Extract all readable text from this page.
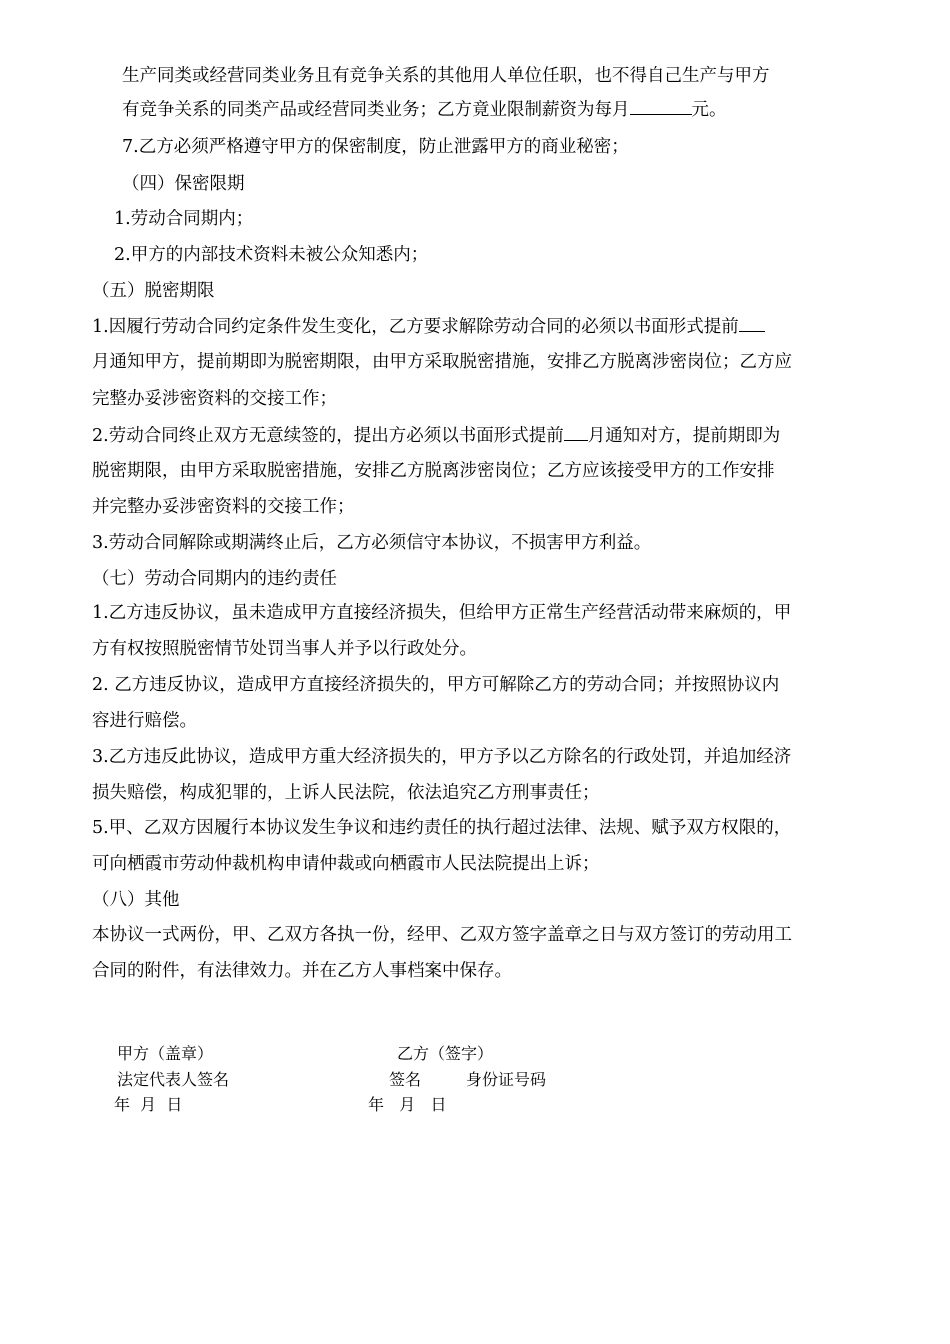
生产同类或经营同类业务且有竞争关系的其他用人单位任职，也不得自己生产与甲方
有竞争关系的同类产品或经营同类业务；乙方竟业限制薪资为每月	元。
7.乙方必须严格遵守甲方的保密制度，防止泄露甲方的商业秘密；
（四）保密限期
1.劳动合同期内；
2.甲方的内部技术资料未被公众知悉内；
（五）脱密期限
1.因履行劳动合同约定条件发生变化，乙方要求解除劳动合同的必须以书面形式提前
月通知甲方，提前期即为脱密期限，由甲方采取脱密措施，安排乙方脱离涉密岗位；乙方应
完整办妥涉密资料的交接工作；
2.劳动合同终止双方无意续签的，提出方必须以书面形式提前 月通知对方，提前期即为
脱密期限，由甲方采取脱密措施，安排乙方脱离涉密岗位；乙方应该接受甲方的工作安排
并完整办妥涉密资料的交接工作；
3.劳动合同解除或期满终止后，乙方必须信守本协议，不损害甲方利益。
（七）劳动合同期内的违约责任
1.乙方违反协议，虽未造成甲方直接经济损失，但给甲方正常生产经营活动带来麻烦的，甲
方有权按照脱密情节处罚当事人并予以行政处分。
2. 乙方违反协议，造成甲方直接经济损失的，甲方可解除乙方的劳动合同；并按照协议内
容进行赔偿。
3.乙方违反此协议，造成甲方重大经济损失的，甲方予以乙方除名的行政处罚，并追加经济
损失赔偿，构成犯罪的，上诉人民法院，依法追究乙方刑事责任；
5.甲、乙双方因履行本协议发生争议和违约责任的执行超过法律、法规、赋予双方权限的，
可向栖霞市劳动仲裁机构申请仲裁或向栖霞市人民法院提出上诉；
（八）其他
本协议一式两份，甲、乙双方各执一份，经甲、乙双方签字盖章之日与双方签订的劳动用工
合同的附件，有法律效力。并在乙方人事档案中保存。
甲方（盖章）	乙方（签字）
法定代表人签名	签名	身份证号码
年  月  日	年   月   日
